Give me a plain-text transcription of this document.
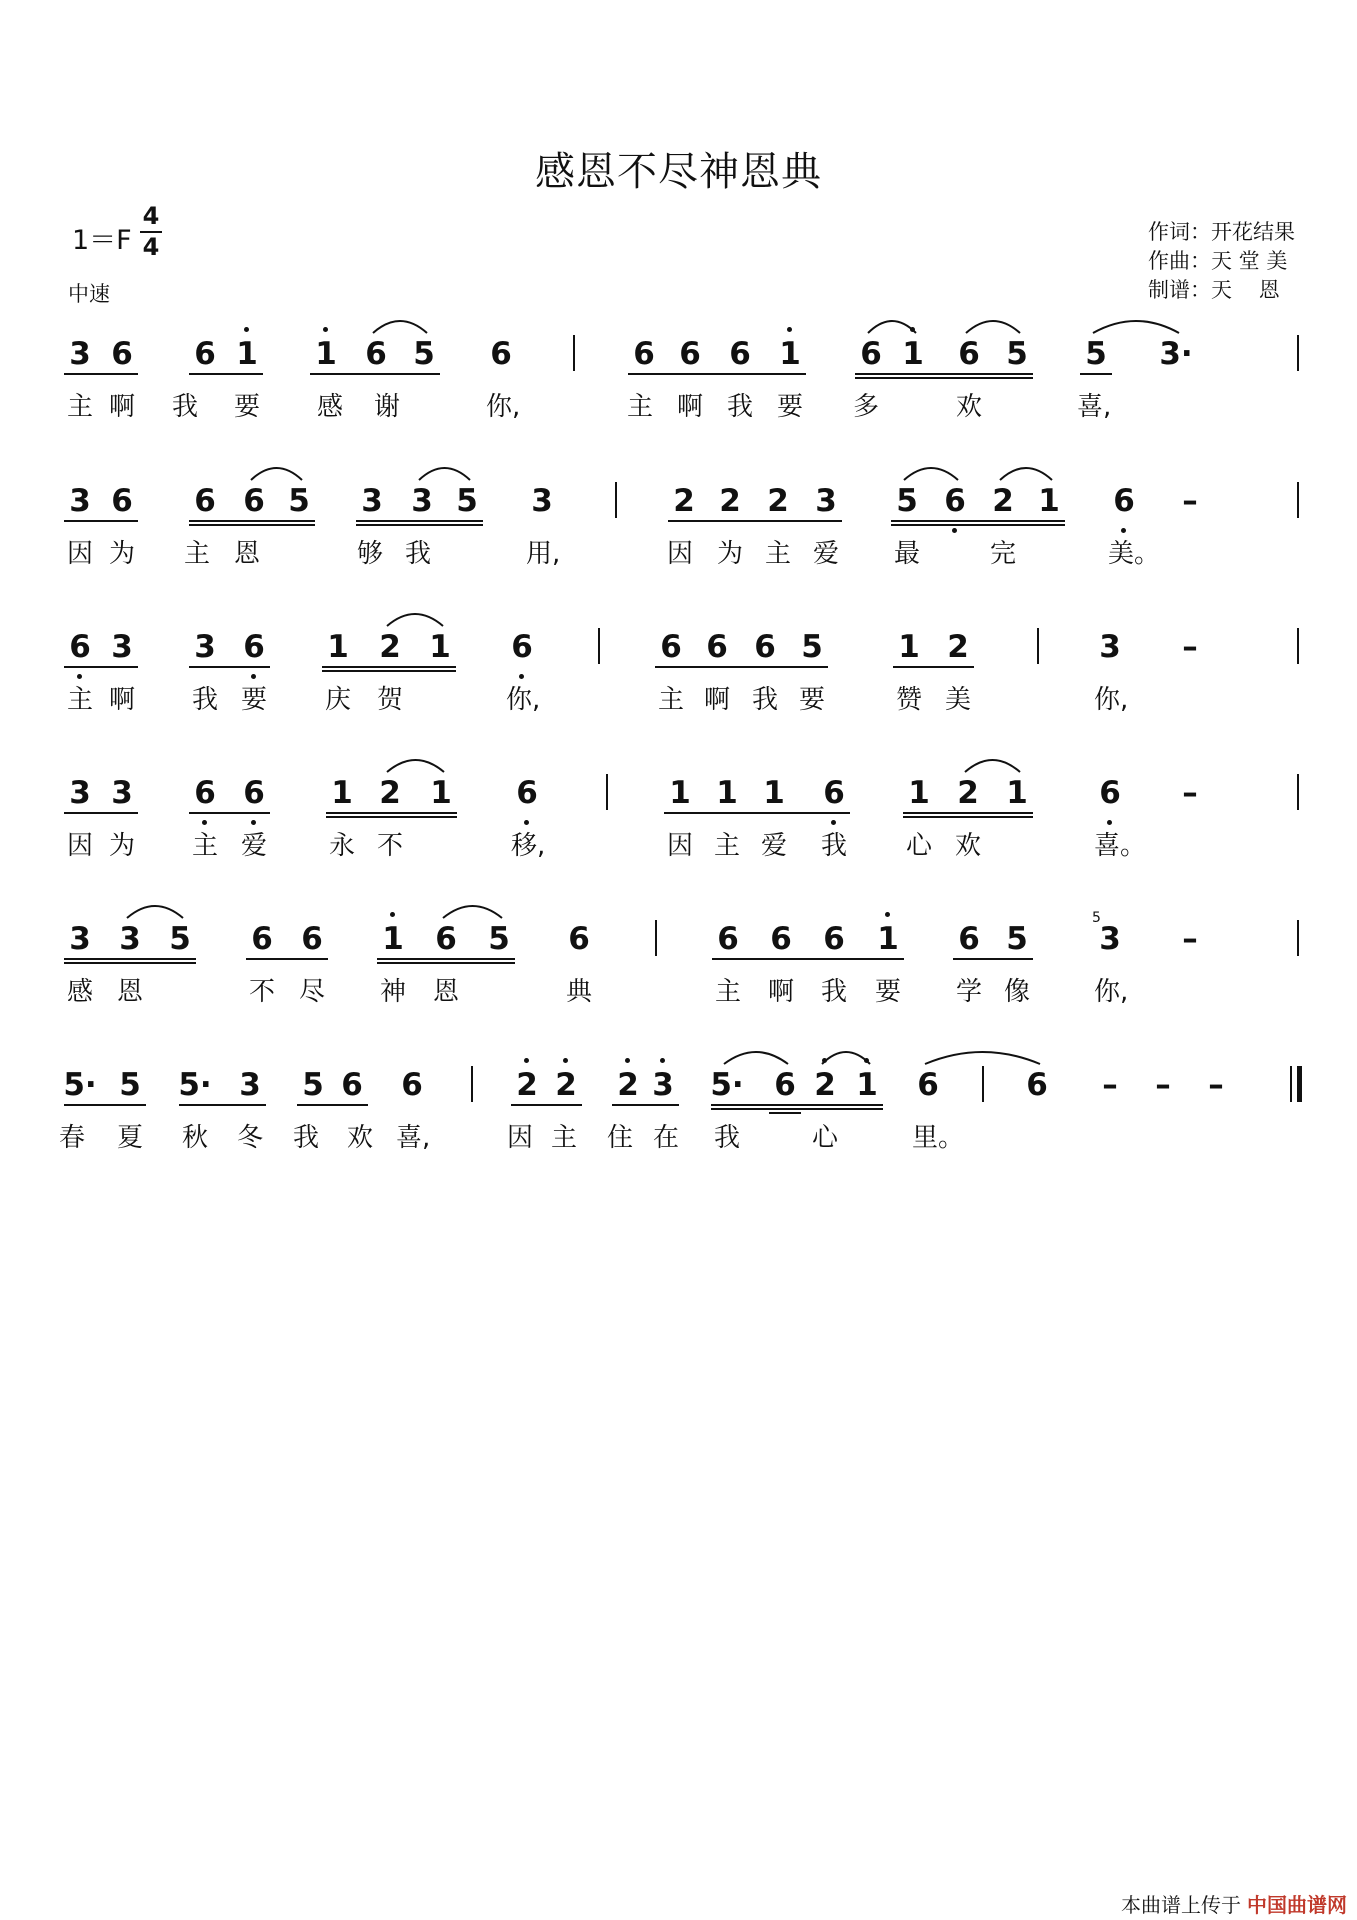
感恩不尽神恩典
1＝F
4
4
中速
作词：开花结果
作曲：天 堂 美
制谱：天    恩
3 6 6 1 1 6 5 6	6 6 6 1 6 1 6 5 5 3·
主 啊 我 要 感 谢	你,	主 啊 我 要 多	欢	喜,
3 6 6 6 5 3 3 5 3	2 2 2 3 5 6 2 1 6	–
因 为 主 恩	够 我	用,	因 为 主 爱 最	完	美。
6 3 3 6 1 2 1 6	6 6 6 5 1 2	3	–
主 啊 我 要 庆 贺	你,	主 啊 我 要	赞 美	你,
3 3 6 6 1 2 1 6	1 1 1 6 1 2 1 6	–
因 为 主 爱 永 不	移,	因 主 爱 我 心 欢	喜。
3 3 5 6 6 1 6 5 6	6 6 6 1 6 5 3	–
5
感 恩	不 尽 神 恩	典	主 啊 我 要 学 像 你,
5· 5 5· 3 5 6 6	2 2 2 3 5· 6 2 1 6	6	–	–	–
春 夏 秋 冬 我 欢 喜,	因 主 住 在 我	心	里。
本曲谱上传于 中国曲谱网
